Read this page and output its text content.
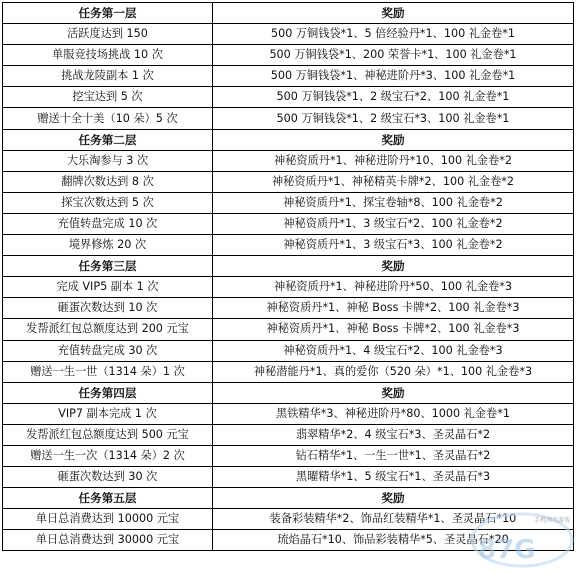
任务第一层	奖励
活跃度达到 150	500 万铜钱袋*1、5 倍经验丹*1、100 礼金卷*1
单服竞技场挑战 10 次	500 万铜钱袋*1、200 荣誉卡*1、100 礼金卷*1
挑战龙陵副本 1 次	500 万铜钱袋*1、神秘进阶丹*3、100 礼金卷*1
挖宝达到 5 次	500 万铜钱袋*1、2 级宝石*2、100 礼金卷*1
赠送十全十美（10 朵）5 次	500 万铜钱袋*1、2 级宝石*3、100 礼金卷*1
任务第二层	奖励
大乐淘参与 3 次	神秘资质丹*1、神秘进阶丹*10、100 礼金卷*2
翻牌次数达到 8 次	神秘资质丹*1、神秘精英卡牌*2、100 礼金卷*2
探宝次数达到 5 次	神秘资质丹*1、探宝卷轴*8、100 礼金卷*2
充值转盘完成 10 次	神秘资质丹*1、3 级宝石*2、100 礼金卷*2
境界修炼 20 次	神秘资质丹*1、3 级宝石*3、100 礼金卷*2
任务第三层	奖励
完成 VIP5 副本 1 次	神秘资质丹*1、神秘进阶丹*50、100 礼金卷*3
砸蛋次数达到 10 次	神秘资质丹*1、神秘 Boss 卡牌*2、100 礼金卷*3
发帮派红包总额度达到 200 元宝	神秘资质丹*1、神秘 Boss 卡牌*2、100 礼金卷*3
充值转盘完成 30 次	神秘资质丹*1、4 级宝石*2、100 礼金卷*3
赠送一生一世（1314 朵）1 次	神秘潜能丹*1、真的爱你（520 朵）*1、100 礼金卷*3
任务第四层	奖励
VIP7 副本完成 1 次	黑铁精华*3、神秘进阶丹*80、1000 礼金卷*1
发帮派红包总额度达到 500 元宝	翡翠精华*2、4 级宝石*3、圣灵晶石*2
赠送一生一次（1314 朵）2 次	钻石精华*1、一生一世*1、圣灵晶石*2
砸蛋次数达到 30 次	黑曜精华*1、5 级宝石*1、圣灵晶石*3
任务第五层	奖励
单日总消费达到 10000 元宝	装备彩装精华*2、饰品红装精华*1、圣灵晶石*10
单日总消费达到 30000 元宝	琉焰晶石*10、饰品彩装精华*5、圣灵晶石*20
87G
手机网页游戏
